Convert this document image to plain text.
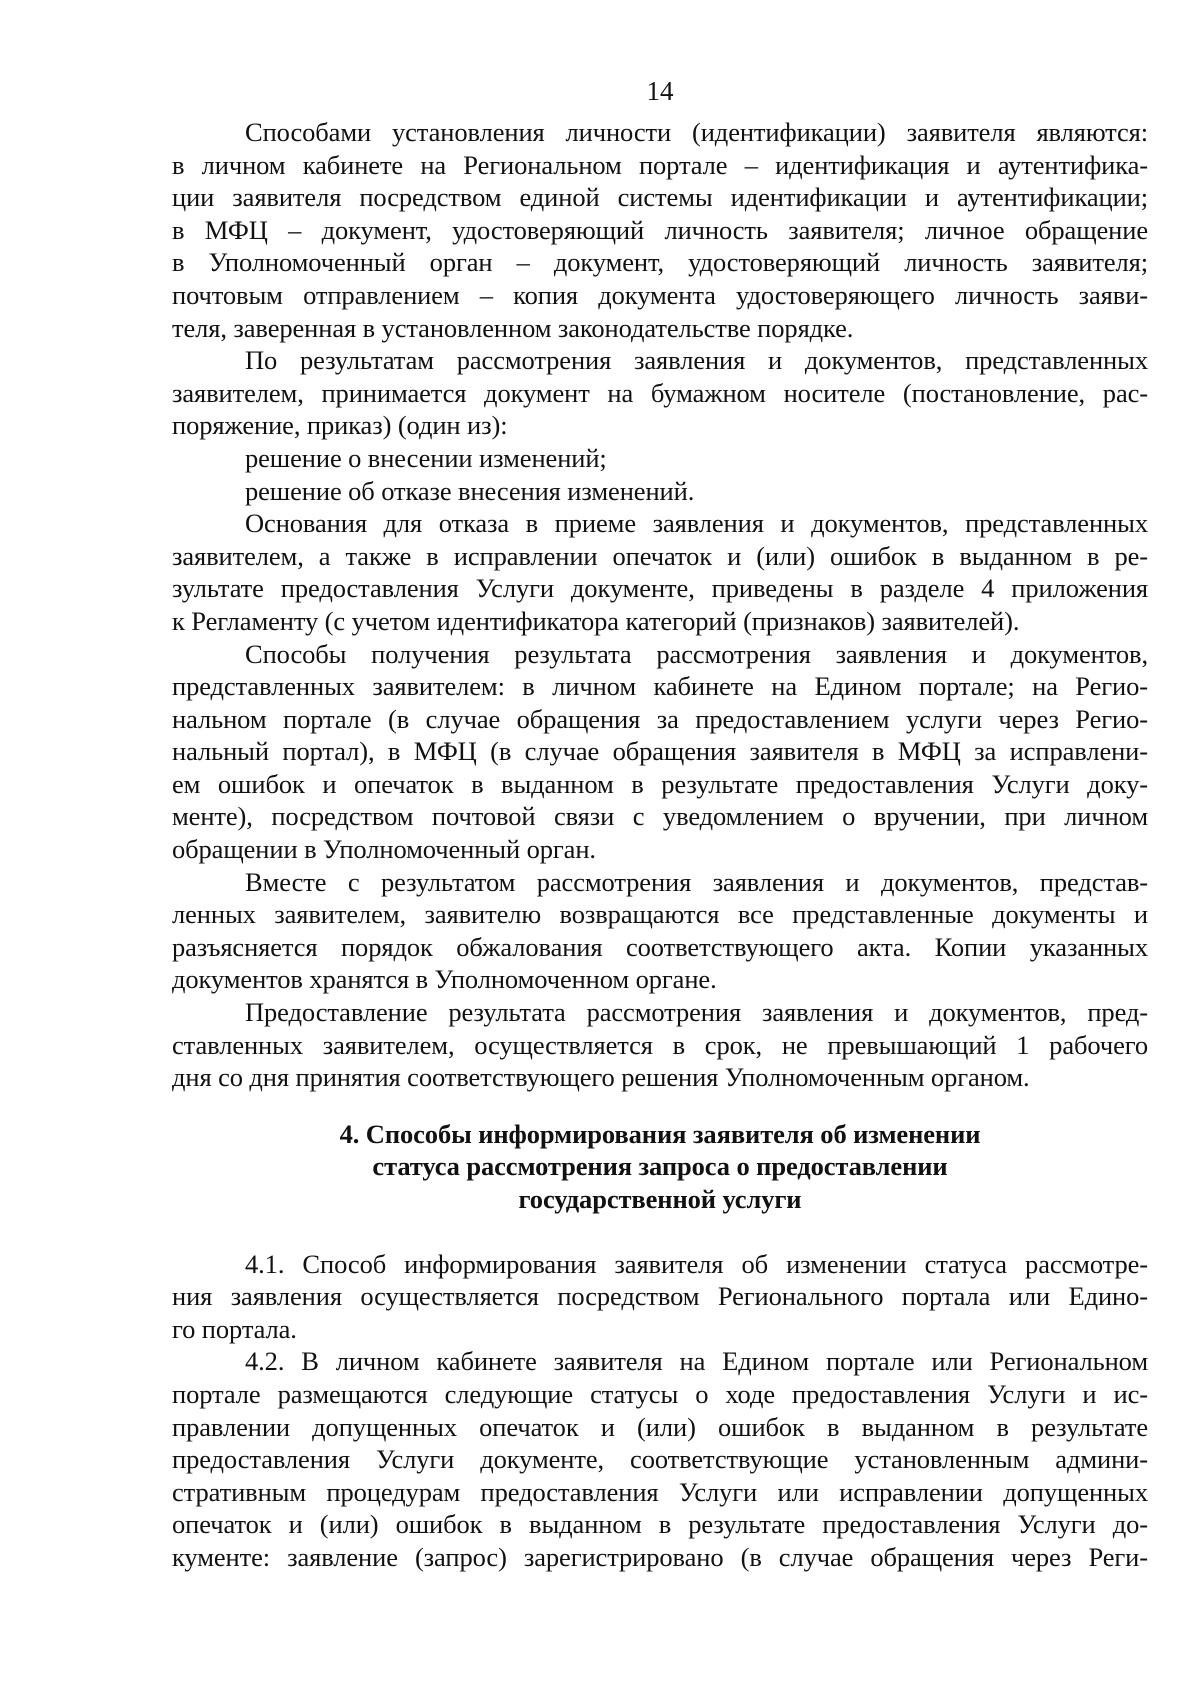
14
Способами установления личности (идентификации) заявителя являются:
в личном кабинете на Региональном портале – идентификация и аутентифика-
ции заявителя посредством единой системы идентификации и аутентификации;
в МФЦ – документ, удостоверяющий личность заявителя; личное обращение
в Уполномоченный орган – документ, удостоверяющий личность заявителя;
почтовым отправлением – копия документа удостоверяющего личность заяви-
теля, заверенная в установленном законодательстве порядке.
По результатам рассмотрения заявления и документов, представленных
заявителем, принимается документ на бумажном носителе (постановление, рас-
поряжение, приказ) (один из):
решение о внесении изменений;
решение об отказе внесения изменений.
Основания для отказа в приеме заявления и документов, представленных
заявителем, а также в исправлении опечаток и (или) ошибок в выданном в ре-
зультате предоставления Услуги документе, приведены в разделе 4 приложения
к Регламенту (с учетом идентификатора категорий (признаков) заявителей).
Способы получения результата рассмотрения заявления и документов,
представленных заявителем: в личном кабинете на Едином портале; на Регио-
нальном портале (в случае обращения за предоставлением услуги через Регио-
нальный портал), в МФЦ (в случае обращения заявителя в МФЦ за исправлени-
ем ошибок и опечаток в выданном в результате предоставления Услуги доку-
менте), посредством почтовой связи с уведомлением о вручении, при личном
обращении в Уполномоченный орган.
Вместе с результатом рассмотрения заявления и документов, представ-
ленных заявителем, заявителю возвращаются все представленные документы и
разъясняется порядок обжалования соответствующего акта. Копии указанных
документов хранятся в Уполномоченном органе.
Предоставление результата рассмотрения заявления и документов, пред-
ставленных заявителем, осуществляется в срок, не превышающий 1 рабочего
дня со дня принятия соответствующего решения Уполномоченным органом.
4. Способы информирования заявителя об изменении
статуса рассмотрения запроса о предоставлении
государственной услуги
4.1. Способ информирования заявителя об изменении статуса рассмотре-
ния заявления осуществляется посредством Регионального портала или Едино-
го портала.
4.2. В личном кабинете заявителя на Едином портале или Региональном
портале размещаются следующие статусы о ходе предоставления Услуги и ис-
правлении допущенных опечаток и (или) ошибок в выданном в результате
предоставления Услуги документе, соответствующие установленным админи-
стративным процедурам предоставления Услуги или исправлении допущенных
опечаток и (или) ошибок в выданном в результате предоставления Услуги до-
кументе: заявление (запрос) зарегистрировано (в случае обращения через Реги-
